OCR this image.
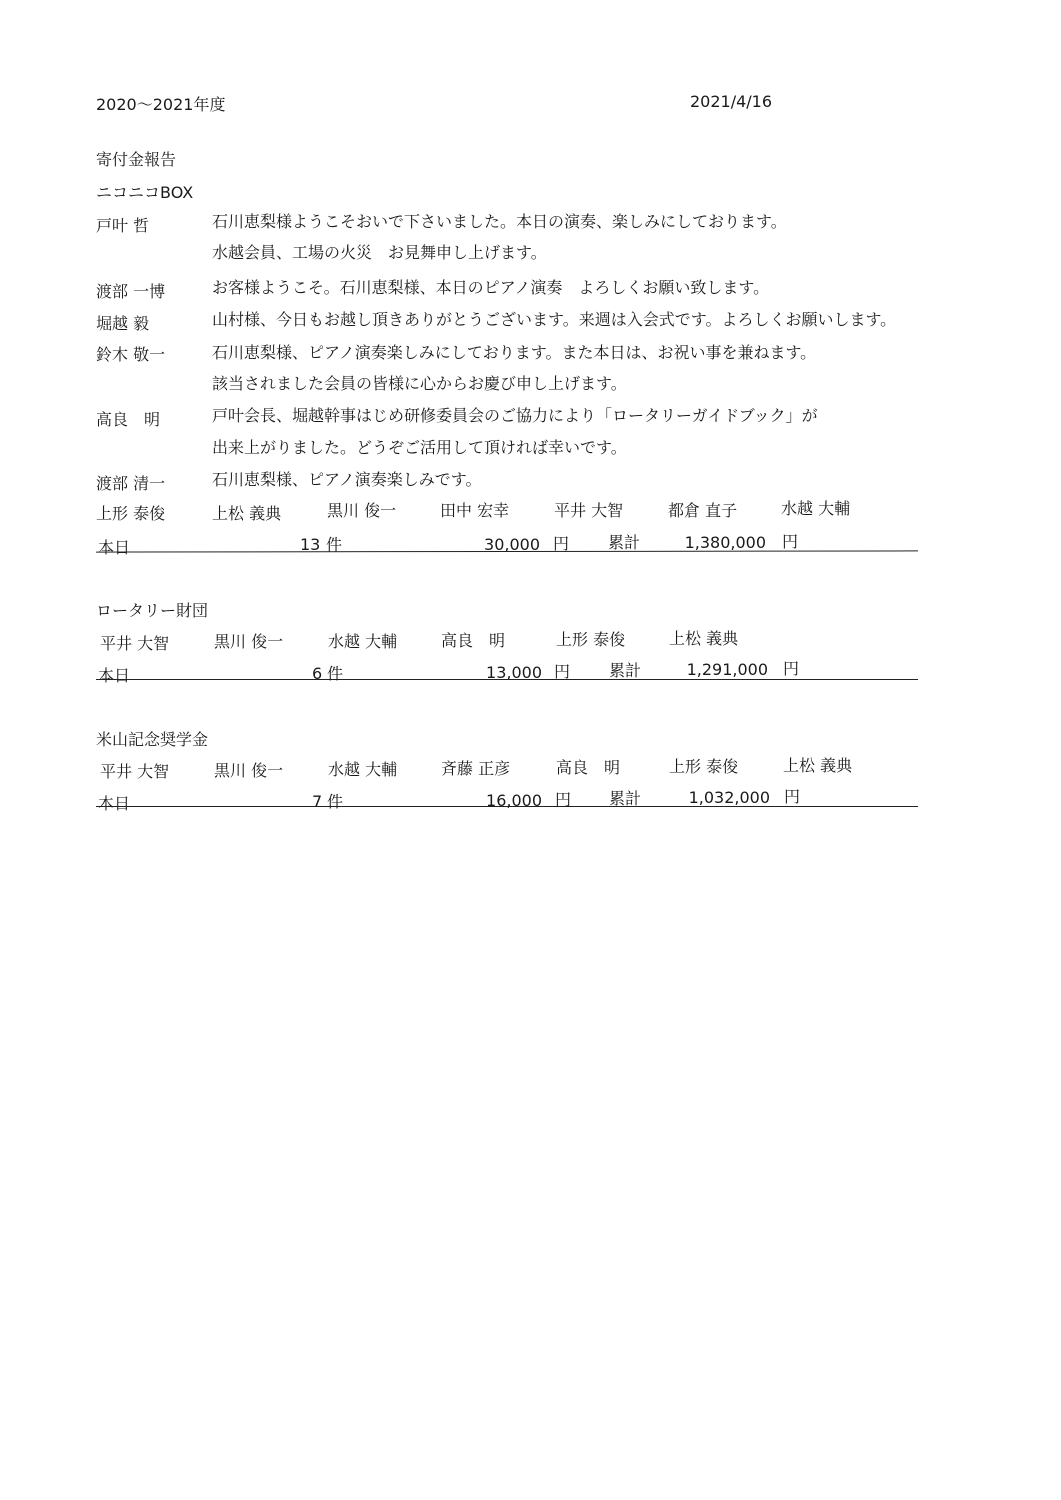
2020～2021年度	2021/4/16
寄付金報告
ニコニコBOX
戸叶 哲	石川恵梨様ようこそおいで下さいました。本日の演奏、楽しみにしております。
水越会員、工場の火災　お見舞申し上げます。
渡部 一博	お客様ようこそ。石川恵梨様、本日のピアノ演奏　よろしくお願い致します。
堀越 毅	山村様、今日もお越し頂きありがとうございます。来週は入会式です。よろしくお願いします。
鈴木 敬一	石川恵梨様、ピアノ演奏楽しみにしております。また本日は、お祝い事を兼ねます。
該当されました会員の皆様に心からお慶び申し上げます。
高良　明	戸叶会長、堀越幹事はじめ研修委員会のご協力により「ロータリーガイドブック」が
出来上がりました。どうぞご活用して頂ければ幸いです。
渡部 清一	石川恵梨様、ピアノ演奏楽しみです。
上形 泰俊	上松 義典	黒川 俊一	田中 宏幸	平井 大智	都倉 直子	水越 大輔
本日	13 件	30,000 円 累計	1,380,000 円
ロータリー財団
平井 大智	黒川 俊一	水越 大輔	高良　明	上形 泰俊	上松 義典
本日	6 件	13,000 円 累計	1,291,000 円
米山記念奨学金
平井 大智	黒川 俊一	水越 大輔	斉藤 正彦	高良　明	上形 泰俊	上松 義典
本日	7 件	16,000 円 累計	1,032,000 円
